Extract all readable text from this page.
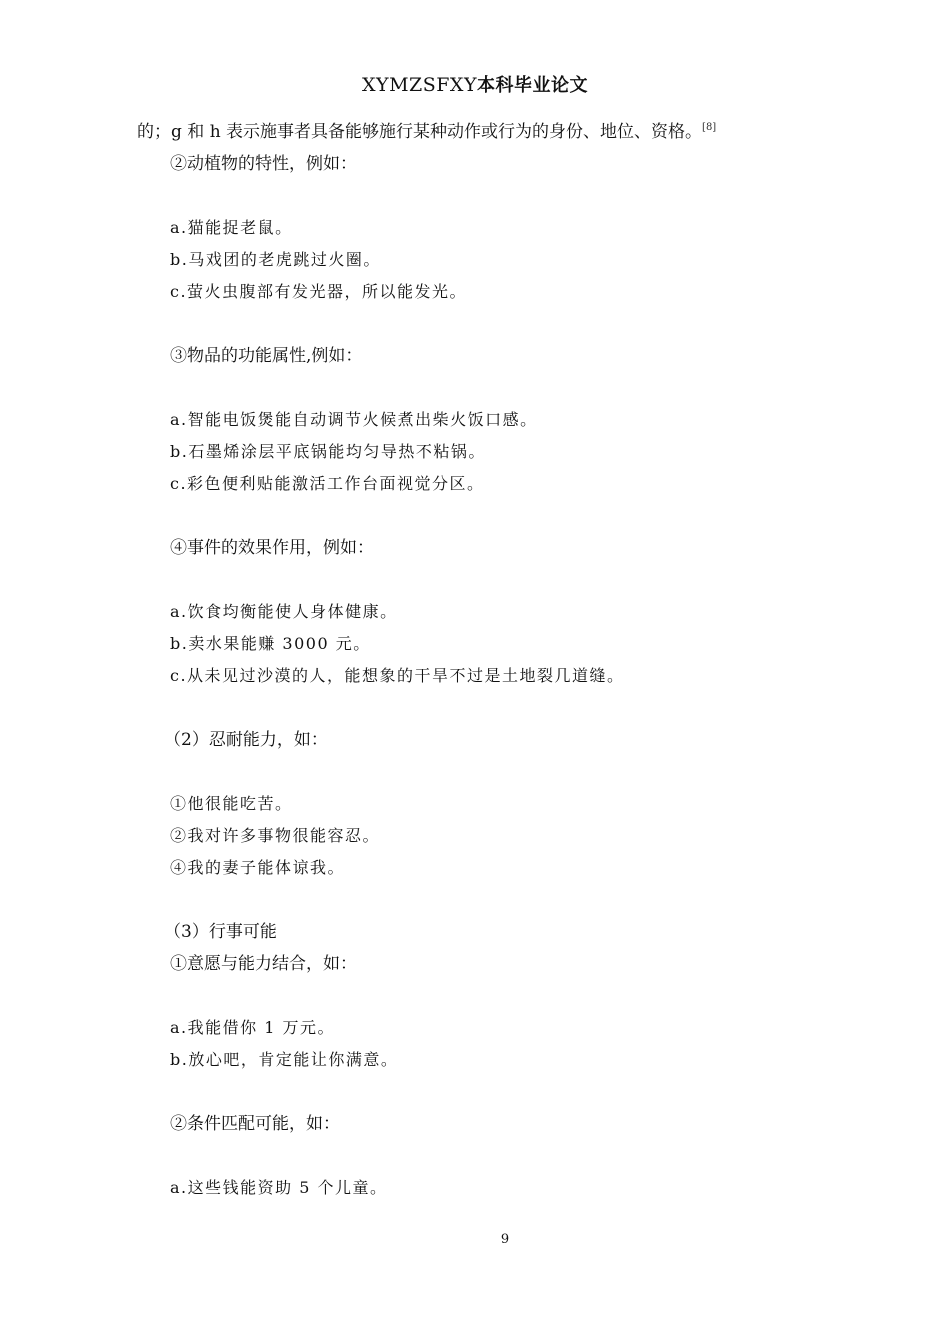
XYMZSFXY本科毕业论文
的；g 和 h 表示施事者具备能够施行某种动作或行为的身份、地位、资格。[8]
②动植物的特性，例如：
a.猫能捉老鼠。
b.马戏团的老虎跳过火圈。
c.萤火虫腹部有发光器，所以能发光。
③物品的功能属性,例如：
a.智能电饭煲能自动调节火候煮出柴火饭口感。
b.石墨烯涂层平底锅能均匀导热不粘锅。
c.彩色便利贴能激活工作台面视觉分区。
④事件的效果作用，例如：
a.饮食均衡能使人身体健康。
b.卖水果能赚 3000 元。
c.从未见过沙漠的人，能想象的干旱不过是土地裂几道缝。
（2）忍耐能力，如：
①他很能吃苦。
②我对许多事物很能容忍。
④我的妻子能体谅我。
（3）行事可能
①意愿与能力结合，如：
a.我能借你 1 万元。
b.放心吧，肯定能让你满意。
②条件匹配可能，如：
a.这些钱能资助 5 个儿童。
9
